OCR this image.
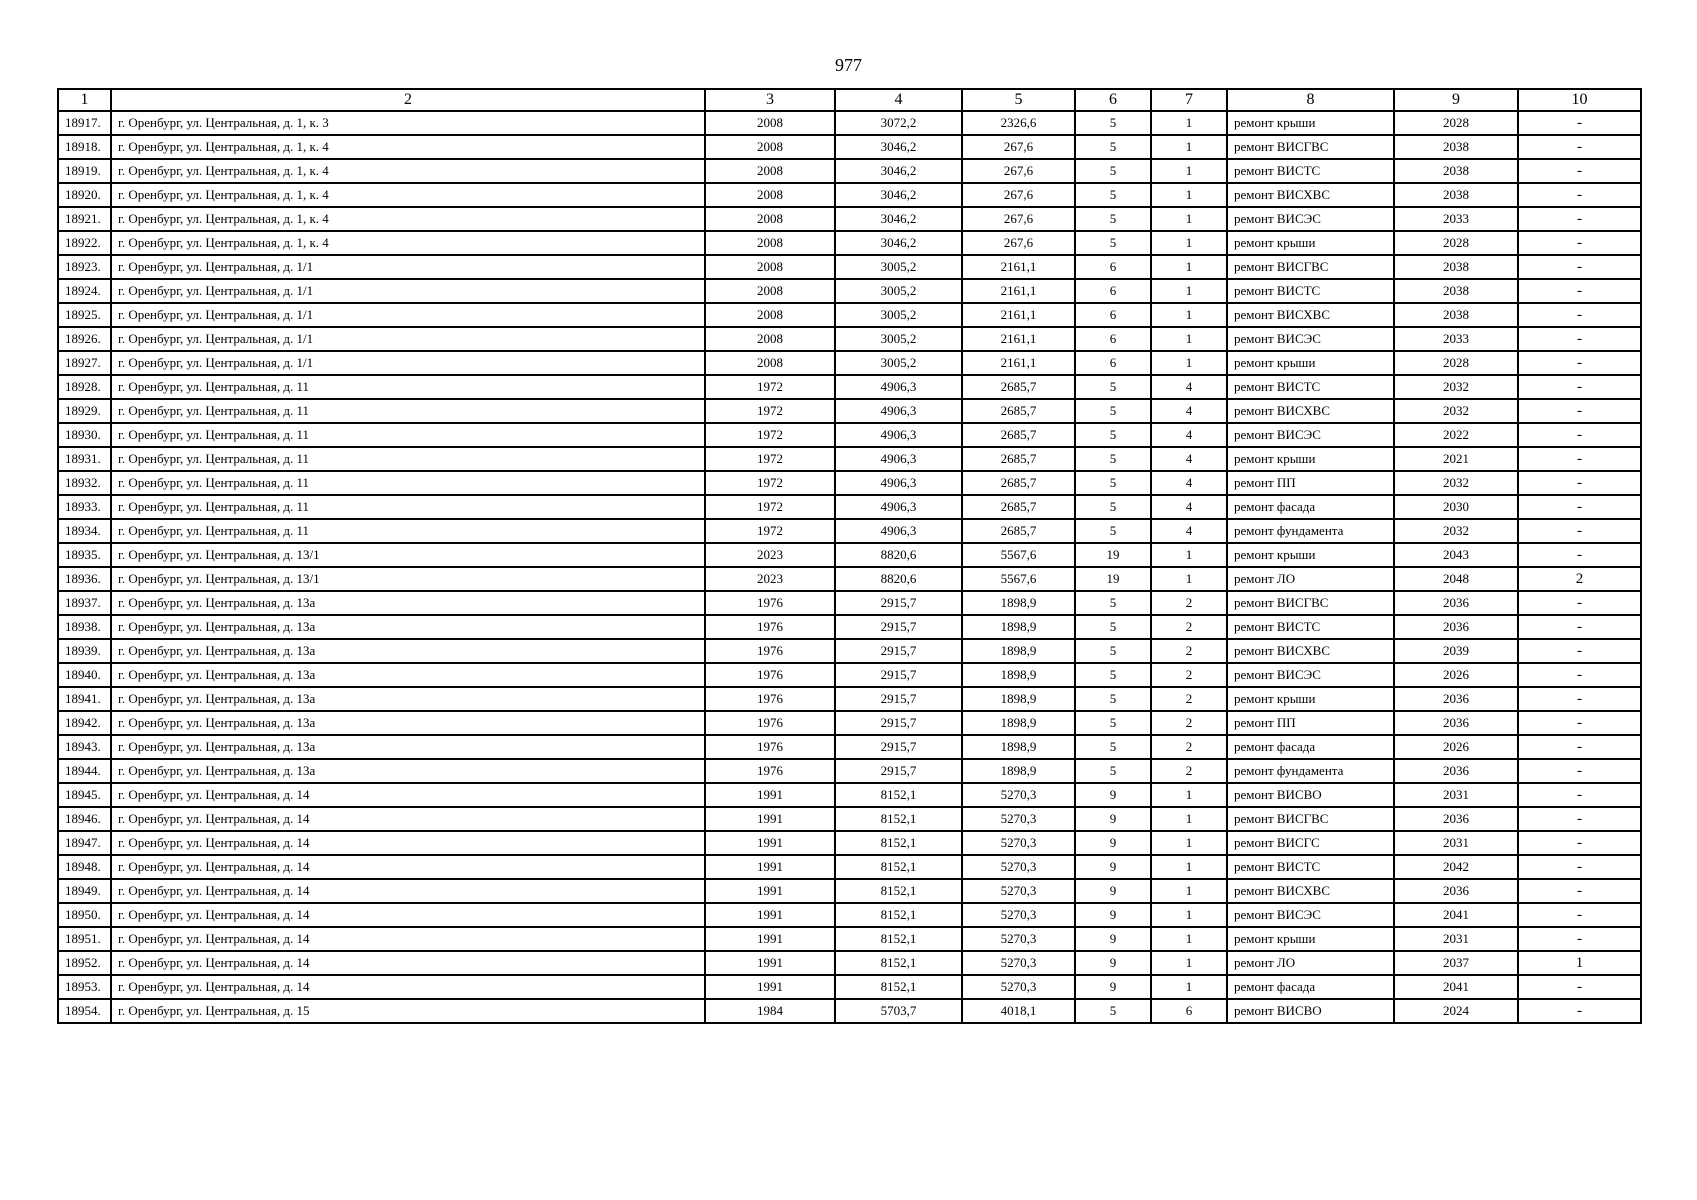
977
1	2	3	4	5	6	7	8	9	10
18917.	г. Оренбург, ул. Центральная, д. 1, к. 3	2008	3072,2	2326,6	5	1	ремонт крыши	2028	-
18918.	г. Оренбург, ул. Центральная, д. 1, к. 4	2008	3046,2	267,6	5	1	ремонт ВИСГВС	2038	-
18919.	г. Оренбург, ул. Центральная, д. 1, к. 4	2008	3046,2	267,6	5	1	ремонт ВИСТС	2038	-
18920.	г. Оренбург, ул. Центральная, д. 1, к. 4	2008	3046,2	267,6	5	1	ремонт ВИСХВС	2038	-
18921.	г. Оренбург, ул. Центральная, д. 1, к. 4	2008	3046,2	267,6	5	1	ремонт ВИСЭС	2033	-
18922.	г. Оренбург, ул. Центральная, д. 1, к. 4	2008	3046,2	267,6	5	1	ремонт крыши	2028	-
18923.	г. Оренбург, ул. Центральная, д. 1/1	2008	3005,2	2161,1	6	1	ремонт ВИСГВС	2038	-
18924.	г. Оренбург, ул. Центральная, д. 1/1	2008	3005,2	2161,1	6	1	ремонт ВИСТС	2038	-
18925.	г. Оренбург, ул. Центральная, д. 1/1	2008	3005,2	2161,1	6	1	ремонт ВИСХВС	2038	-
18926.	г. Оренбург, ул. Центральная, д. 1/1	2008	3005,2	2161,1	6	1	ремонт ВИСЭС	2033	-
18927.	г. Оренбург, ул. Центральная, д. 1/1	2008	3005,2	2161,1	6	1	ремонт крыши	2028	-
18928.	г. Оренбург, ул. Центральная, д. 11	1972	4906,3	2685,7	5	4	ремонт ВИСТС	2032	-
18929.	г. Оренбург, ул. Центральная, д. 11	1972	4906,3	2685,7	5	4	ремонт ВИСХВС	2032	-
18930.	г. Оренбург, ул. Центральная, д. 11	1972	4906,3	2685,7	5	4	ремонт ВИСЭС	2022	-
18931.	г. Оренбург, ул. Центральная, д. 11	1972	4906,3	2685,7	5	4	ремонт крыши	2021	-
18932.	г. Оренбург, ул. Центральная, д. 11	1972	4906,3	2685,7	5	4	ремонт ПП	2032	-
18933.	г. Оренбург, ул. Центральная, д. 11	1972	4906,3	2685,7	5	4	ремонт фасада	2030	-
18934.	г. Оренбург, ул. Центральная, д. 11	1972	4906,3	2685,7	5	4	ремонт фундамента	2032	-
18935.	г. Оренбург, ул. Центральная, д. 13/1	2023	8820,6	5567,6	19	1	ремонт крыши	2043	-
18936.	г. Оренбург, ул. Центральная, д. 13/1	2023	8820,6	5567,6	19	1	ремонт ЛО	2048	2
18937.	г. Оренбург, ул. Центральная, д. 13а	1976	2915,7	1898,9	5	2	ремонт ВИСГВС	2036	-
18938.	г. Оренбург, ул. Центральная, д. 13а	1976	2915,7	1898,9	5	2	ремонт ВИСТС	2036	-
18939.	г. Оренбург, ул. Центральная, д. 13а	1976	2915,7	1898,9	5	2	ремонт ВИСХВС	2039	-
18940.	г. Оренбург, ул. Центральная, д. 13а	1976	2915,7	1898,9	5	2	ремонт ВИСЭС	2026	-
18941.	г. Оренбург, ул. Центральная, д. 13а	1976	2915,7	1898,9	5	2	ремонт крыши	2036	-
18942.	г. Оренбург, ул. Центральная, д. 13а	1976	2915,7	1898,9	5	2	ремонт ПП	2036	-
18943.	г. Оренбург, ул. Центральная, д. 13а	1976	2915,7	1898,9	5	2	ремонт фасада	2026	-
18944.	г. Оренбург, ул. Центральная, д. 13а	1976	2915,7	1898,9	5	2	ремонт фундамента	2036	-
18945.	г. Оренбург, ул. Центральная, д. 14	1991	8152,1	5270,3	9	1	ремонт ВИСВО	2031	-
18946.	г. Оренбург, ул. Центральная, д. 14	1991	8152,1	5270,3	9	1	ремонт ВИСГВС	2036	-
18947.	г. Оренбург, ул. Центральная, д. 14	1991	8152,1	5270,3	9	1	ремонт ВИСГС	2031	-
18948.	г. Оренбург, ул. Центральная, д. 14	1991	8152,1	5270,3	9	1	ремонт ВИСТС	2042	-
18949.	г. Оренбург, ул. Центральная, д. 14	1991	8152,1	5270,3	9	1	ремонт ВИСХВС	2036	-
18950.	г. Оренбург, ул. Центральная, д. 14	1991	8152,1	5270,3	9	1	ремонт ВИСЭС	2041	-
18951.	г. Оренбург, ул. Центральная, д. 14	1991	8152,1	5270,3	9	1	ремонт крыши	2031	-
18952.	г. Оренбург, ул. Центральная, д. 14	1991	8152,1	5270,3	9	1	ремонт ЛО	2037	1
18953.	г. Оренбург, ул. Центральная, д. 14	1991	8152,1	5270,3	9	1	ремонт фасада	2041	-
18954.	г. Оренбург, ул. Центральная, д. 15	1984	5703,7	4018,1	5	6	ремонт ВИСВО	2024	-
